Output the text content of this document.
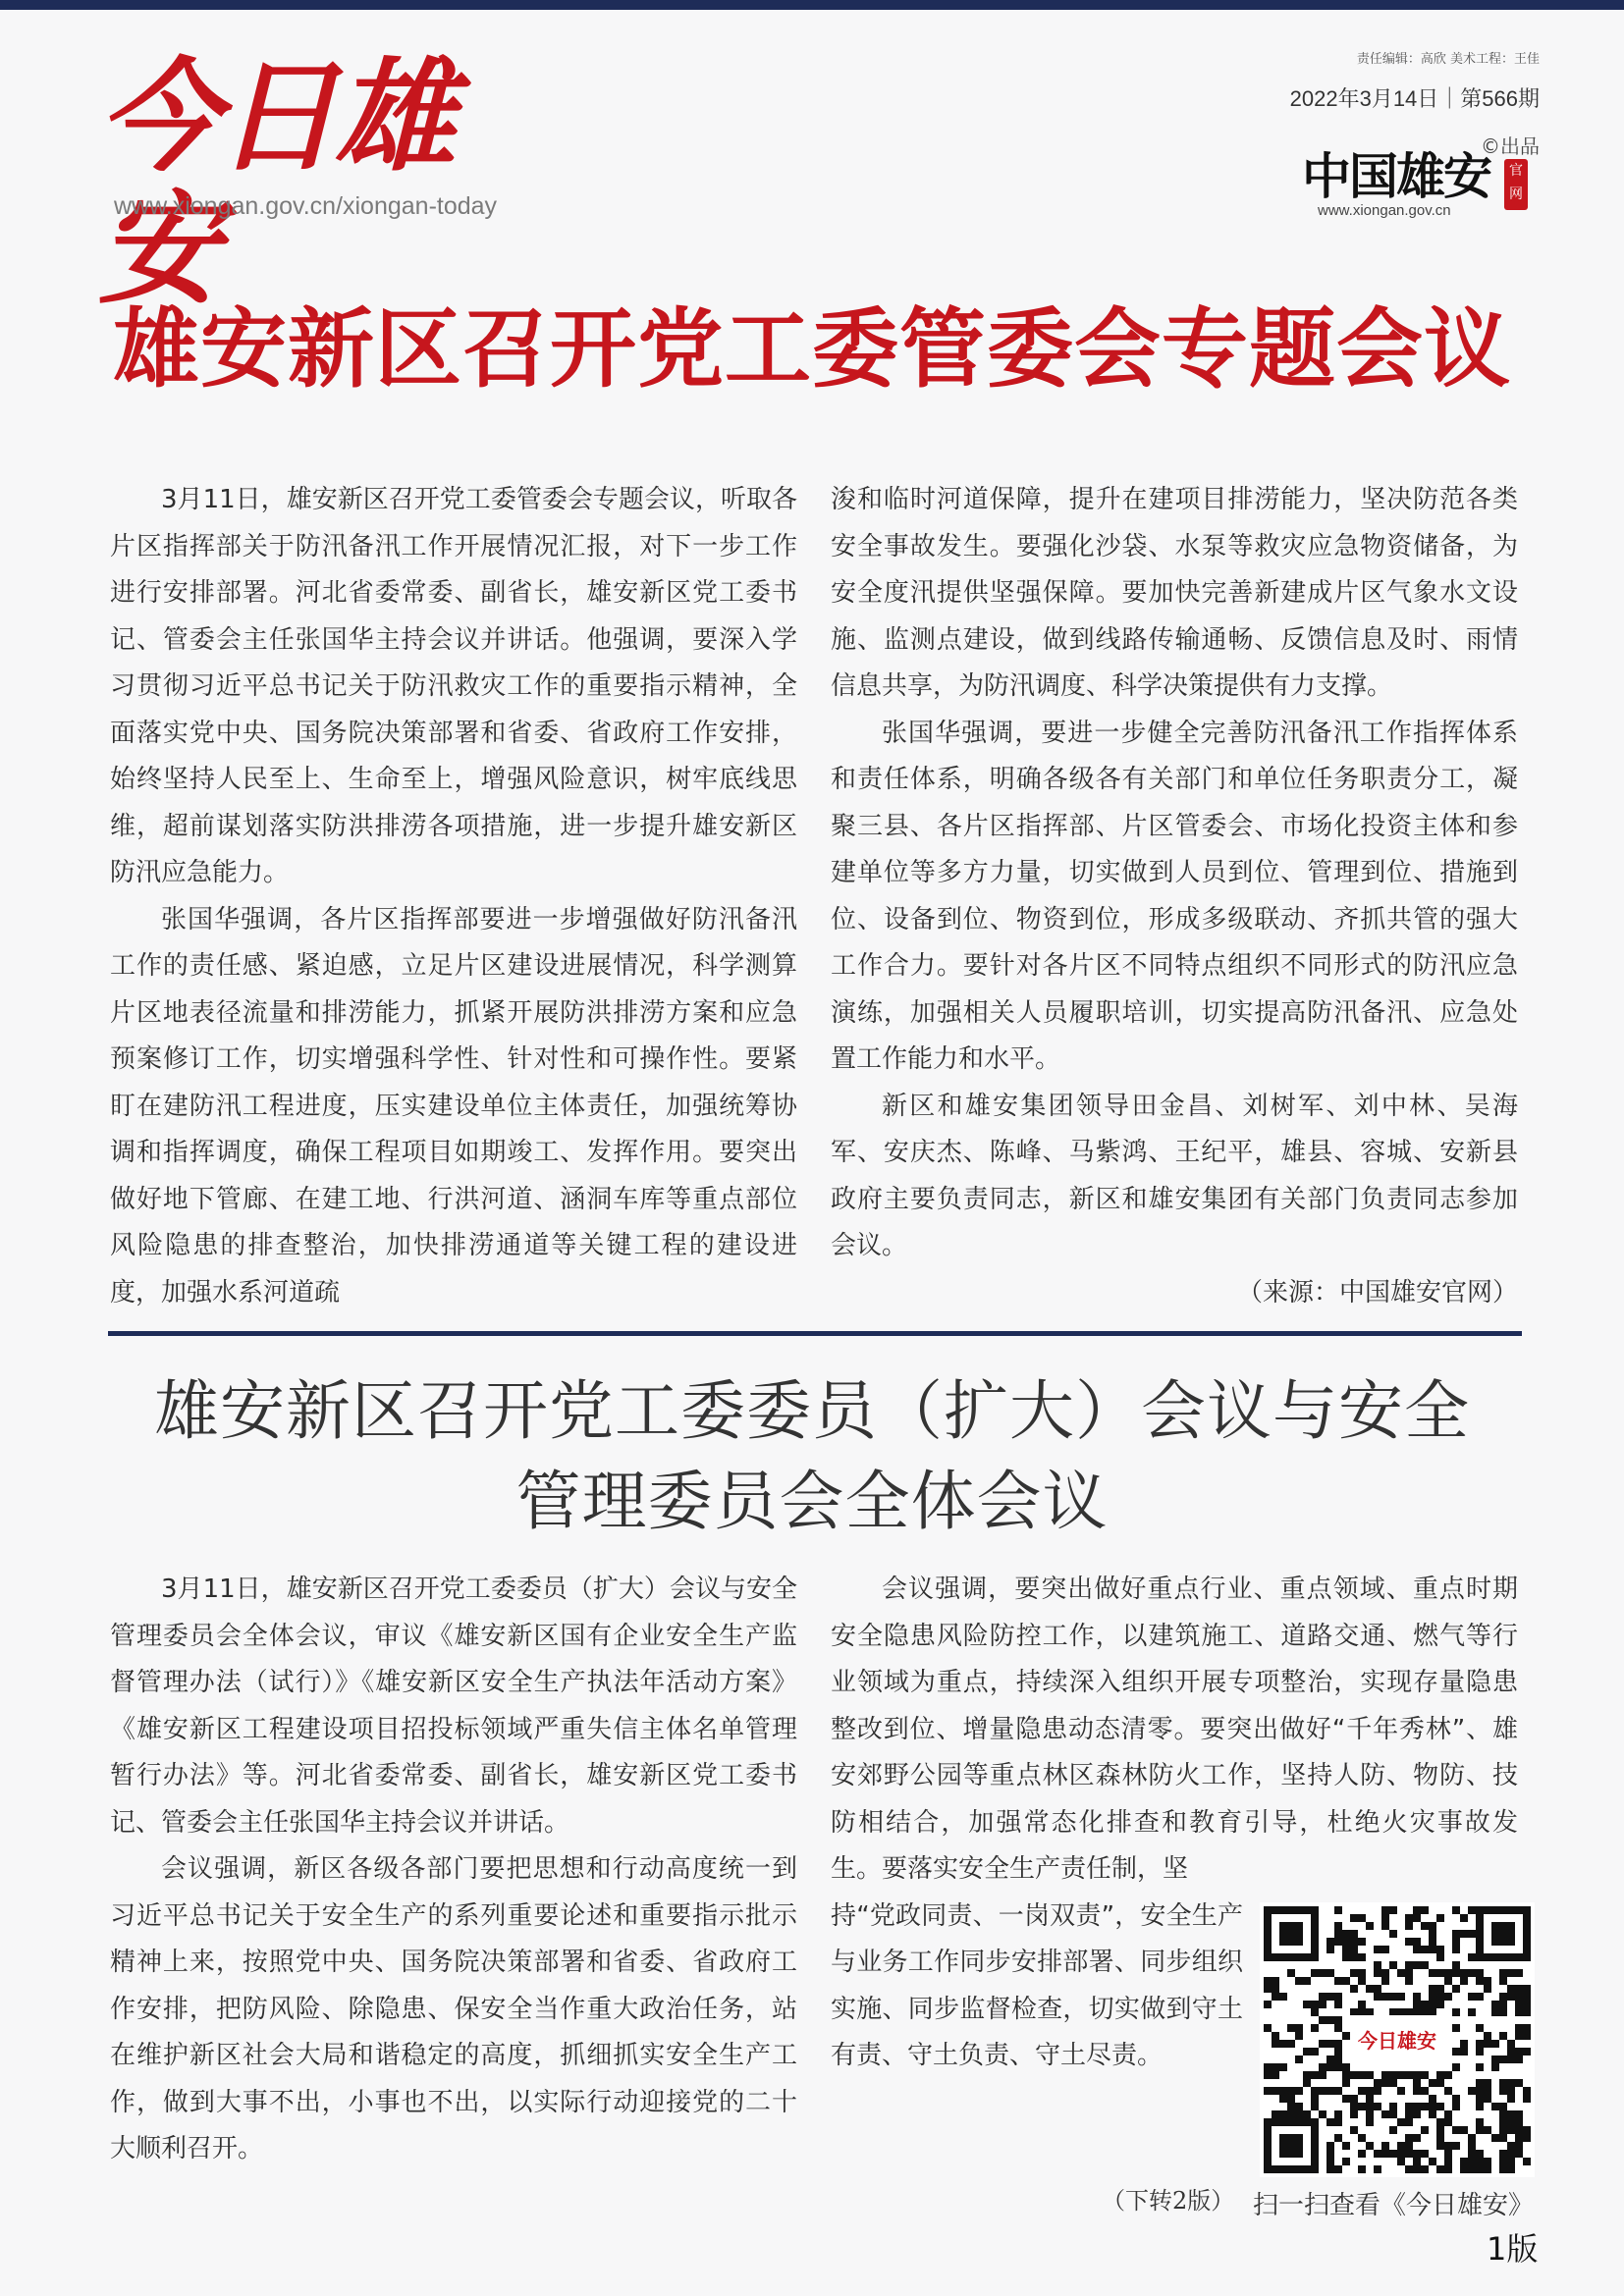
今日雄安
www.xiongan.gov.cn/xiongan-today
责任编辑：高欣 美术工程：王佳
2022年3月14日｜第566期
©出品
中国雄安	官网
www.xiongan.gov.cn
雄安新区召开党工委管委会专题会议

3月11日，雄安新区召开党工委管委会专题会议，听取各片区指挥部关于防汛备汛工作开展情况汇报，对下一步工作进行安排部署。河北省委常委、副省长，雄安新区党工委书记、管委会主任张国华主持会议并讲话。他强调，要深入学习贯彻习近平总书记关于防汛救灾工作的重要指示精神，全面落实党中央、国务院决策部署和省委、省政府工作安排，始终坚持人民至上、生命至上，增强风险意识，树牢底线思维，超前谋划落实防洪排涝各项措施，进一步提升雄安新区防汛应急能力。

张国华强调，各片区指挥部要进一步增强做好防汛备汛工作的责任感、紧迫感，立足片区建设进展情况，科学测算片区地表径流量和排涝能力，抓紧开展防洪排涝方案和应急预案修订工作，切实增强科学性、针对性和可操作性。要紧盯在建防汛工程进度，压实建设单位主体责任，加强统筹协调和指挥调度，确保工程项目如期竣工、发挥作用。要突出做好地下管廊、在建工地、行洪河道、涵洞车库等重点部位风险隐患的排查整治，加快排涝通道等关键工程的建设进度，加强水系河道疏

浚和临时河道保障，提升在建项目排涝能力，坚决防范各类安全事故发生。要强化沙袋、水泵等救灾应急物资储备，为安全度汛提供坚强保障。要加快完善新建成片区气象水文设施、监测点建设，做到线路传输通畅、反馈信息及时、雨情信息共享，为防汛调度、科学决策提供有力支撑。

张国华强调，要进一步健全完善防汛备汛工作指挥体系和责任体系，明确各级各有关部门和单位任务职责分工，凝聚三县、各片区指挥部、片区管委会、市场化投资主体和参建单位等多方力量，切实做到人员到位、管理到位、措施到位、设备到位、物资到位，形成多级联动、齐抓共管的强大工作合力。要针对各片区不同特点组织不同形式的防汛应急演练，加强相关人员履职培训，切实提高防汛备汛、应急处置工作能力和水平。

新区和雄安集团领导田金昌、刘树军、刘中林、吴海军、安庆杰、陈峰、马紫鸿、王纪平，雄县、容城、安新县政府主要负责同志，新区和雄安集团有关部门负责同志参加会议。

（来源：中国雄安官网）
雄安新区召开党工委委员（扩大）会议与安全
管理委员会全体会议

3月11日，雄安新区召开党工委委员（扩大）会议与安全管理委员会全体会议，审议《雄安新区国有企业安全生产监督管理办法（试行）》《雄安新区安全生产执法年活动方案》《雄安新区工程建设项目招投标领域严重失信主体名单管理暂行办法》等。河北省委常委、副省长，雄安新区党工委书记、管委会主任张国华主持会议并讲话。

会议强调，新区各级各部门要把思想和行动高度统一到习近平总书记关于安全生产的系列重要论述和重要指示批示精神上来，按照党中央、国务院决策部署和省委、省政府工作安排，把防风险、除隐患、保安全当作重大政治任务，站在维护新区社会大局和谐稳定的高度，抓细抓实安全生产工作，做到大事不出，小事也不出，以实际行动迎接党的二十大顺利召开。

会议强调，要突出做好重点行业、重点领域、重点时期安全隐患风险防控工作，以建筑施工、道路交通、燃气等行业领域为重点，持续深入组织开展专项整治，实现存量隐患整改到位、增量隐患动态清零。要突出做好“千年秀林”、雄安郊野公园等重点林区森林防火工作，坚持人防、物防、技防相结合，加强常态化排查和教育引导，杜绝火灾事故发生。要落实安全生产责任制，坚

持“党政同责、一岗双责”，安全生产与业务工作同步安排部署、同步组织实施、同步监督检查，切实做到守土有责、守土负责、守土尽责。

（下转2版）
今日雄安
扫一扫查看《今日雄安》
1版
